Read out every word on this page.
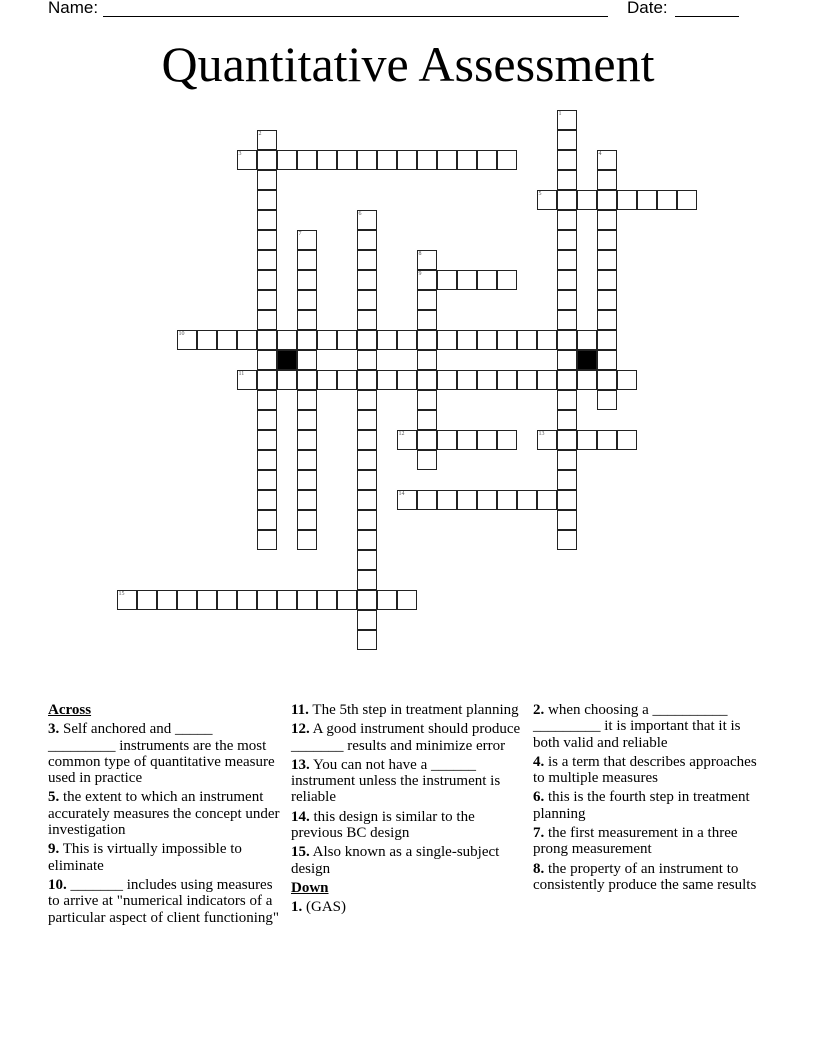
Name:	Date:
Quantitative Assessment
1
2
3	4
5
6
7
8
9
10
11
12	13
14
15
Across
3. Self anchored and _____ _________ instruments are the most common type of quantitative measure used in practice
5. the extent to which an instrument accurately measures the concept under investigation
9. This is virtually impossible to eliminate
10. _______ includes using measures to arrive at "numerical indicators of a particular aspect of client functioning"
11. The 5th step in treatment planning
12. A good instrument should produce _______ results and minimize error
13. You can not have a ______ instrument unless the instrument is reliable
14. this design is similar to the previous BC design
15. Also known as a single-subject design
Down
1. (GAS)
2. when choosing a __________ _________ it is important that it is both valid and reliable
4. is a term that describes approaches to multiple measures
6. this is the fourth step in treatment planning
7. the first measurement in a three prong measurement
8. the property of an instrument to consistently produce the same results
